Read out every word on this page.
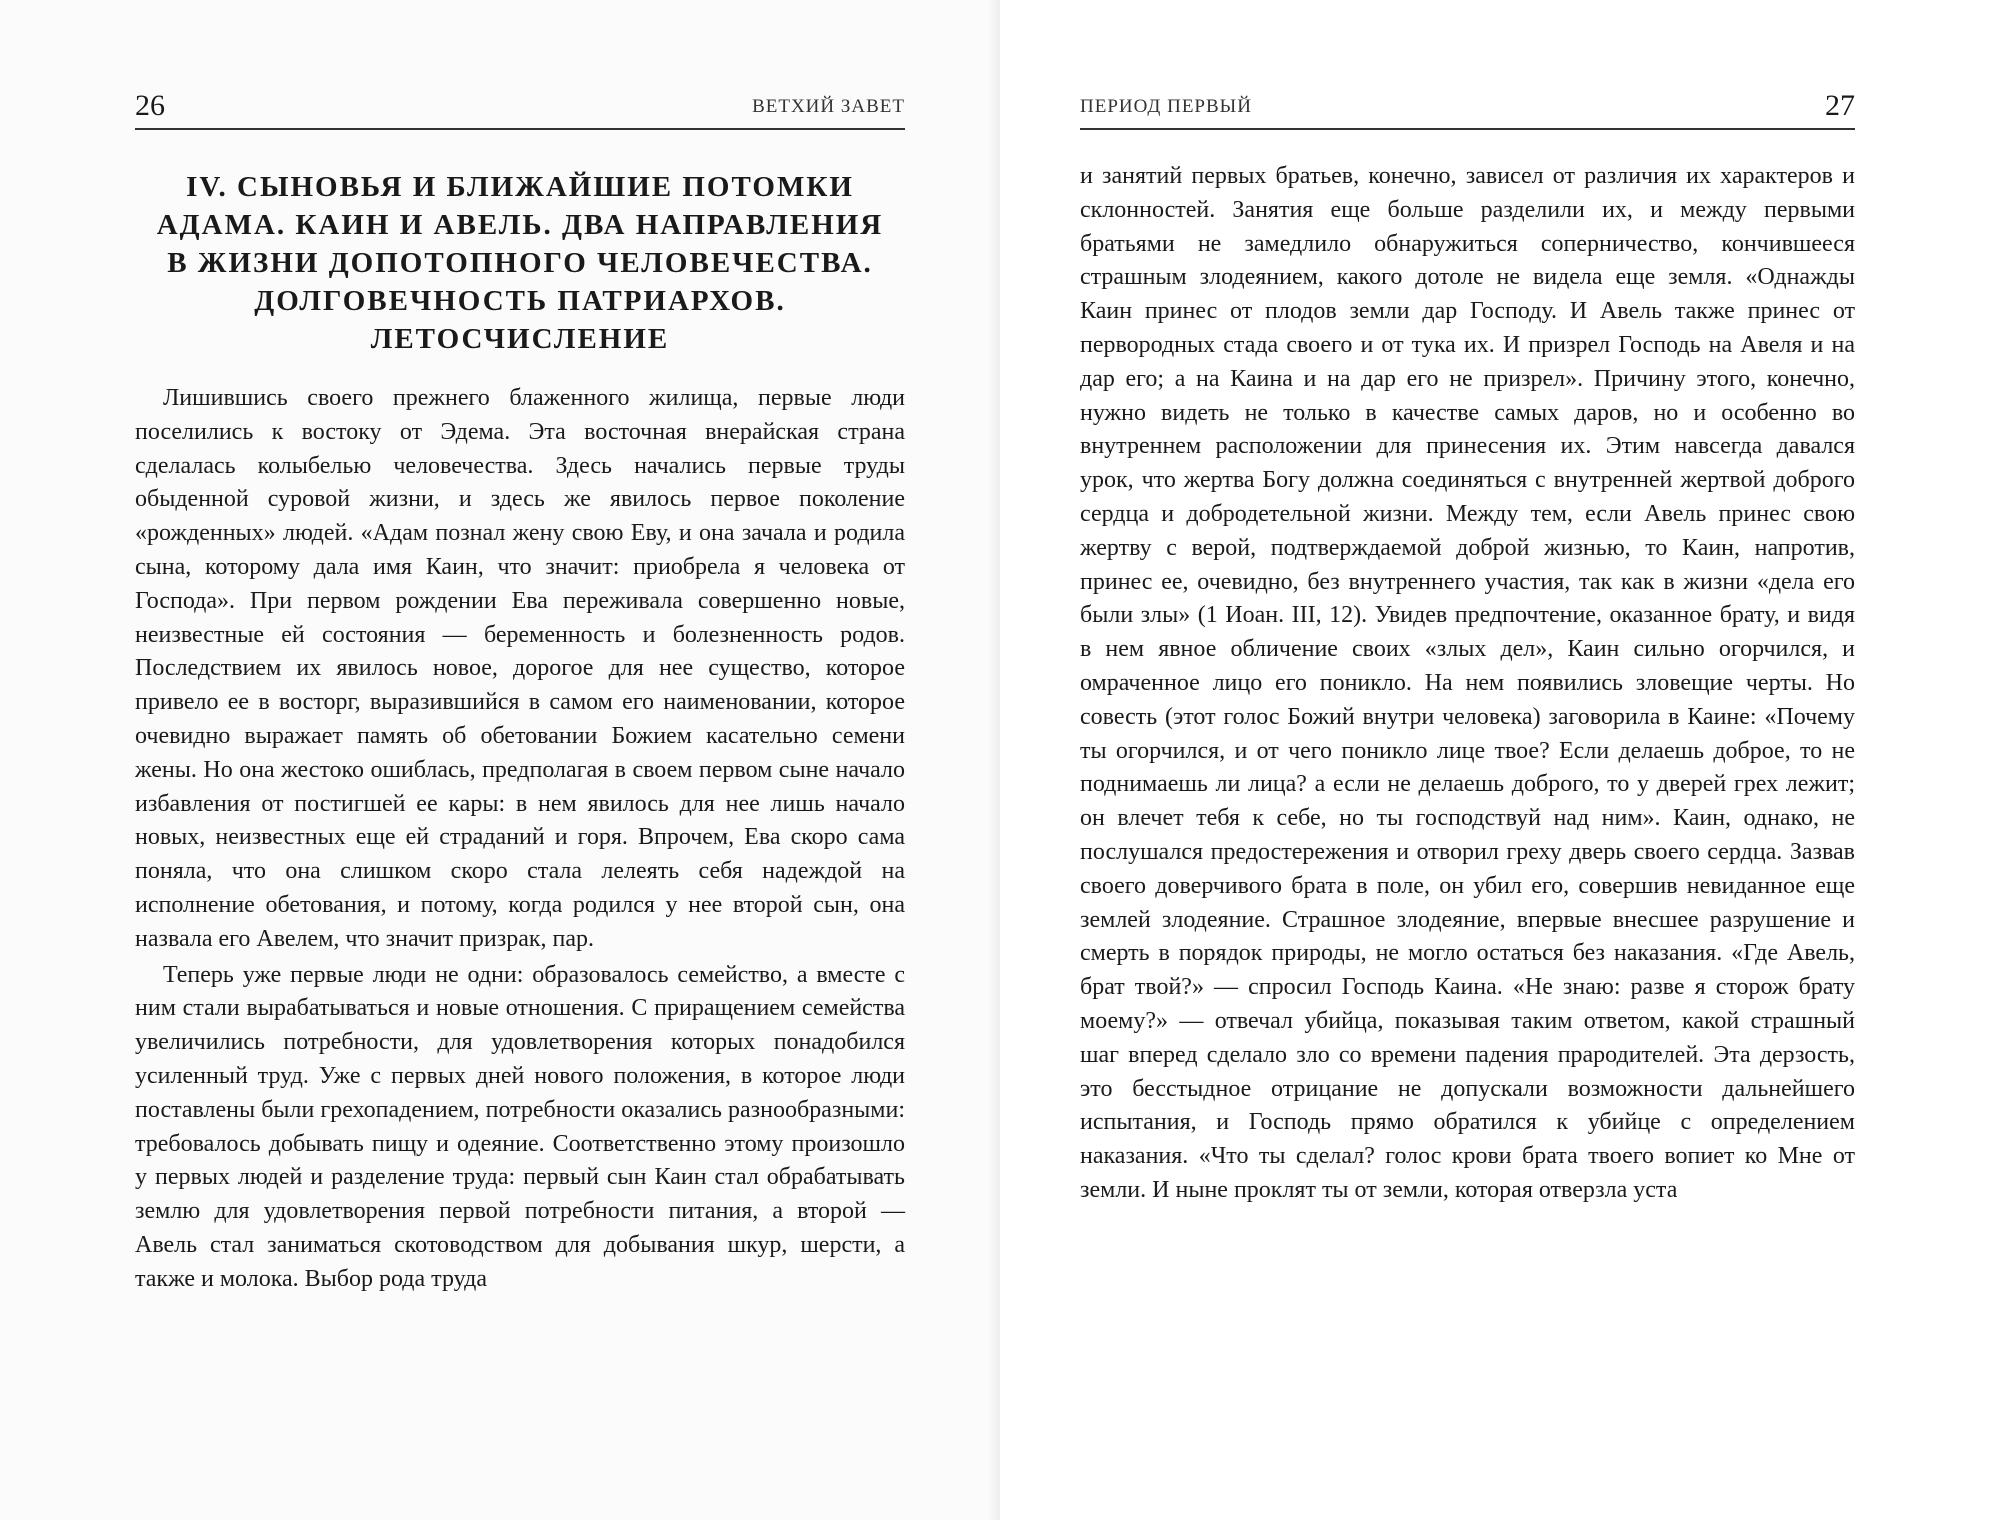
26	ВЕТХИЙ ЗАВЕТ
IV. СЫНОВЬЯ И БЛИЖАЙШИЕ ПОТОМКИ АДАМА. КАИН И АВЕЛЬ. ДВА НАПРАВЛЕНИЯ В ЖИЗНИ ДОПОТОПНОГО ЧЕЛОВЕЧЕСТВА. ДОЛГОВЕЧНОСТЬ ПАТРИАРХОВ. ЛЕТОСЧИСЛЕНИЕ

Лишившись своего прежнего блаженного жилища, первые люди поселились к востоку от Эдема. Эта восточная внерайская страна сделалась колыбелью человечества. Здесь начались первые труды обыденной суровой жизни, и здесь же явилось первое поколение «рожденных» людей. «Адам познал жену свою Еву, и она зачала и родила сына, которому дала имя Каин, что значит: приобрела я человека от Господа». При первом рождении Ева переживала совершенно новые, неизвестные ей состояния — беременность и болезненность родов. Последствием их явилось новое, дорогое для нее существо, которое привело ее в восторг, выразившийся в самом его наименовании, которое очевидно выражает память об обетовании Божием касательно семени жены. Но она жестоко ошиблась, предполагая в своем первом сыне начало избавления от постигшей ее кары: в нем явилось для нее лишь начало новых, неизвестных еще ей страданий и горя. Впрочем, Ева скоро сама поняла, что она слишком скоро стала лелеять себя надеждой на исполнение обетования, и потому, когда родился у нее второй сын, она назвала его Авелем, что значит призрак, пар.

Теперь уже первые люди не одни: образовалось семейство, а вместе с ним стали вырабатываться и новые отношения. С приращением семейства увеличились потребности, для удовлетворения которых понадобился усиленный труд. Уже с первых дней нового положения, в которое люди поставлены были грехопадением, потребности оказались разнообразными: требовалось добывать пищу и одеяние. Соответственно этому произошло у первых людей и разделение труда: первый сын Каин стал обрабатывать землю для удовлетворения первой потребности питания, а второй — Авель стал заниматься скотоводством для добывания шкур, шерсти, а также и молока. Выбор рода труда

ПЕРИОД ПЕРВЫЙ	27

и занятий первых братьев, конечно, зависел от различия их характеров и склонностей. Занятия еще больше разделили их, и между первыми братьями не замедлило обнаружиться соперничество, кончившееся страшным злодеянием, какого дотоле не видела еще земля. «Однажды Каин принес от плодов земли дар Господу. И Авель также принес от первородных стада своего и от тука их. И призрел Господь на Авеля и на дар его; а на Каина и на дар его не призрел». Причину этого, конечно, нужно видеть не только в качестве самых даров, но и особенно во внутреннем расположении для принесения их. Этим навсегда давался урок, что жертва Богу должна соединяться с внутренней жертвой доброго сердца и добродетельной жизни. Между тем, если Авель принес свою жертву с верой, подтверждаемой доброй жизнью, то Каин, напротив, принес ее, очевидно, без внутреннего участия, так как в жизни «дела его были злы» (1 Иоан. III, 12). Увидев предпочтение, оказанное брату, и видя в нем явное обличение своих «злых дел», Каин сильно огорчился, и омраченное лицо его поникло. На нем появились зловещие черты. Но совесть (этот голос Божий внутри человека) заговорила в Каине: «Почему ты огорчился, и от чего поникло лице твое? Если делаешь доброе, то не поднимаешь ли лица? а если не делаешь доброго, то у дверей грех лежит; он влечет тебя к себе, но ты господствуй над ним». Каин, однако, не послушался предостережения и отворил греху дверь своего сердца. Зазвав своего доверчивого брата в поле, он убил его, совершив невиданное еще землей злодеяние. Страшное злодеяние, впервые внесшее разрушение и смерть в порядок природы, не могло остаться без наказания. «Где Авель, брат твой?» — спросил Господь Каина. «Не знаю: разве я сторож брату моему?» — отвечал убийца, показывая таким ответом, какой страшный шаг вперед сделало зло со времени падения прародителей. Эта дерзость, это бесстыдное отрицание не допускали возможности дальнейшего испытания, и Господь прямо обратился к убийце с определением наказания. «Что ты сделал? голос крови брата твоего вопиет ко Мне от земли. И ныне проклят ты от земли, которая отверзла уста
